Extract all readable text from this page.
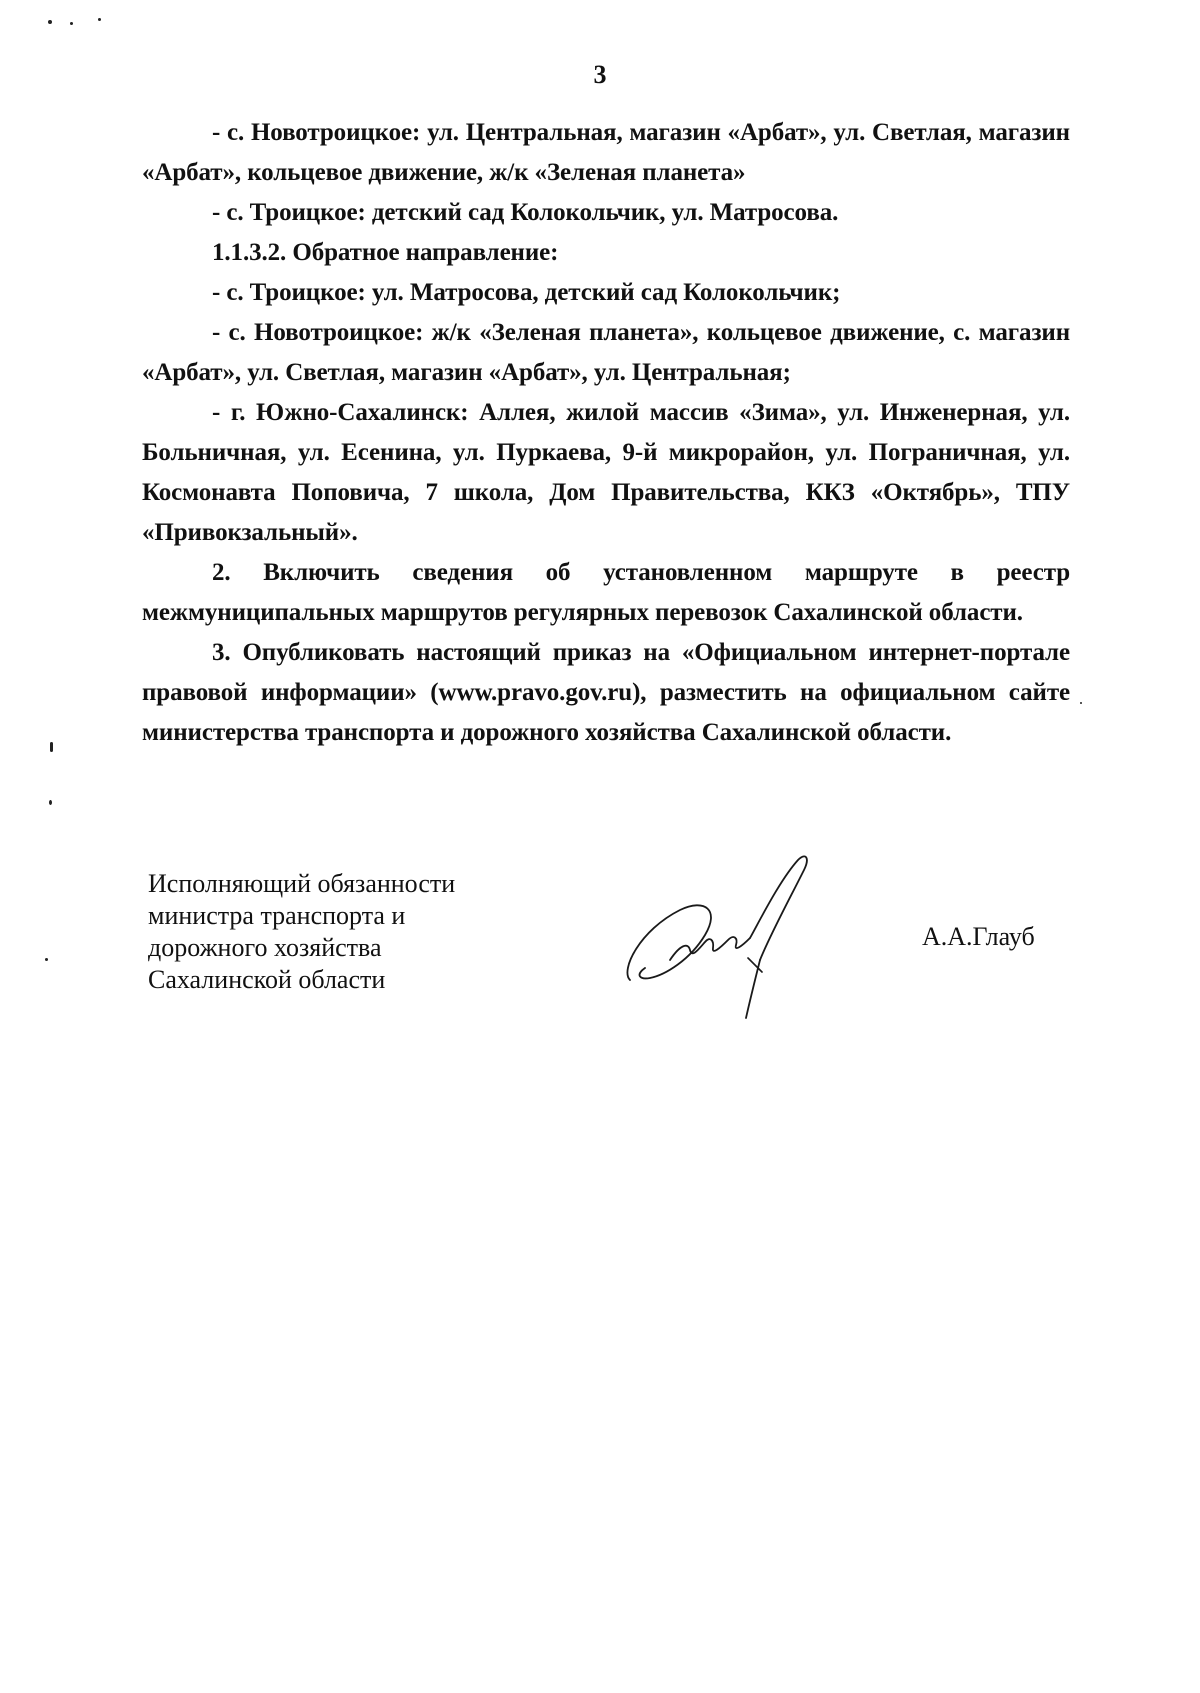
3

- с. Новотроицкое: ул. Центральная, магазин «Арбат», ул. Светлая, магазин «Арбат», кольцевое движение, ж/к «Зеленая планета»

- с. Троицкое: детский сад Колокольчик, ул. Матросова.

1.1.3.2. Обратное направление:

- с. Троицкое: ул. Матросова, детский сад Колокольчик;

- с. Новотроицкое: ж/к «Зеленая планета», кольцевое движение, с. магазин «Арбат», ул. Светлая, магазин «Арбат», ул. Центральная;

- г. Южно-Сахалинск: Аллея, жилой массив «Зима», ул. Инженерная, ул. Больничная, ул. Есенина, ул. Пуркаева, 9-й микрорайон, ул. Пограничная, ул. Космонавта Поповича, 7 школа, Дом Правительства, ККЗ «Октябрь», ТПУ «Привокзальный».

2. Включить сведения об установленном маршруте в реестр межмуниципальных маршрутов регулярных перевозок Сахалинской области.

3. Опубликовать настоящий приказ на «Официальном интернет-портале правовой информации» (www.pravo.gov.ru), разместить на официальном сайте министерства транспорта и дорожного хозяйства Сахалинской области.

Исполняющий обязанности
министра транспорта и
дорожного хозяйства
Сахалинской области
А.А.Глауб
